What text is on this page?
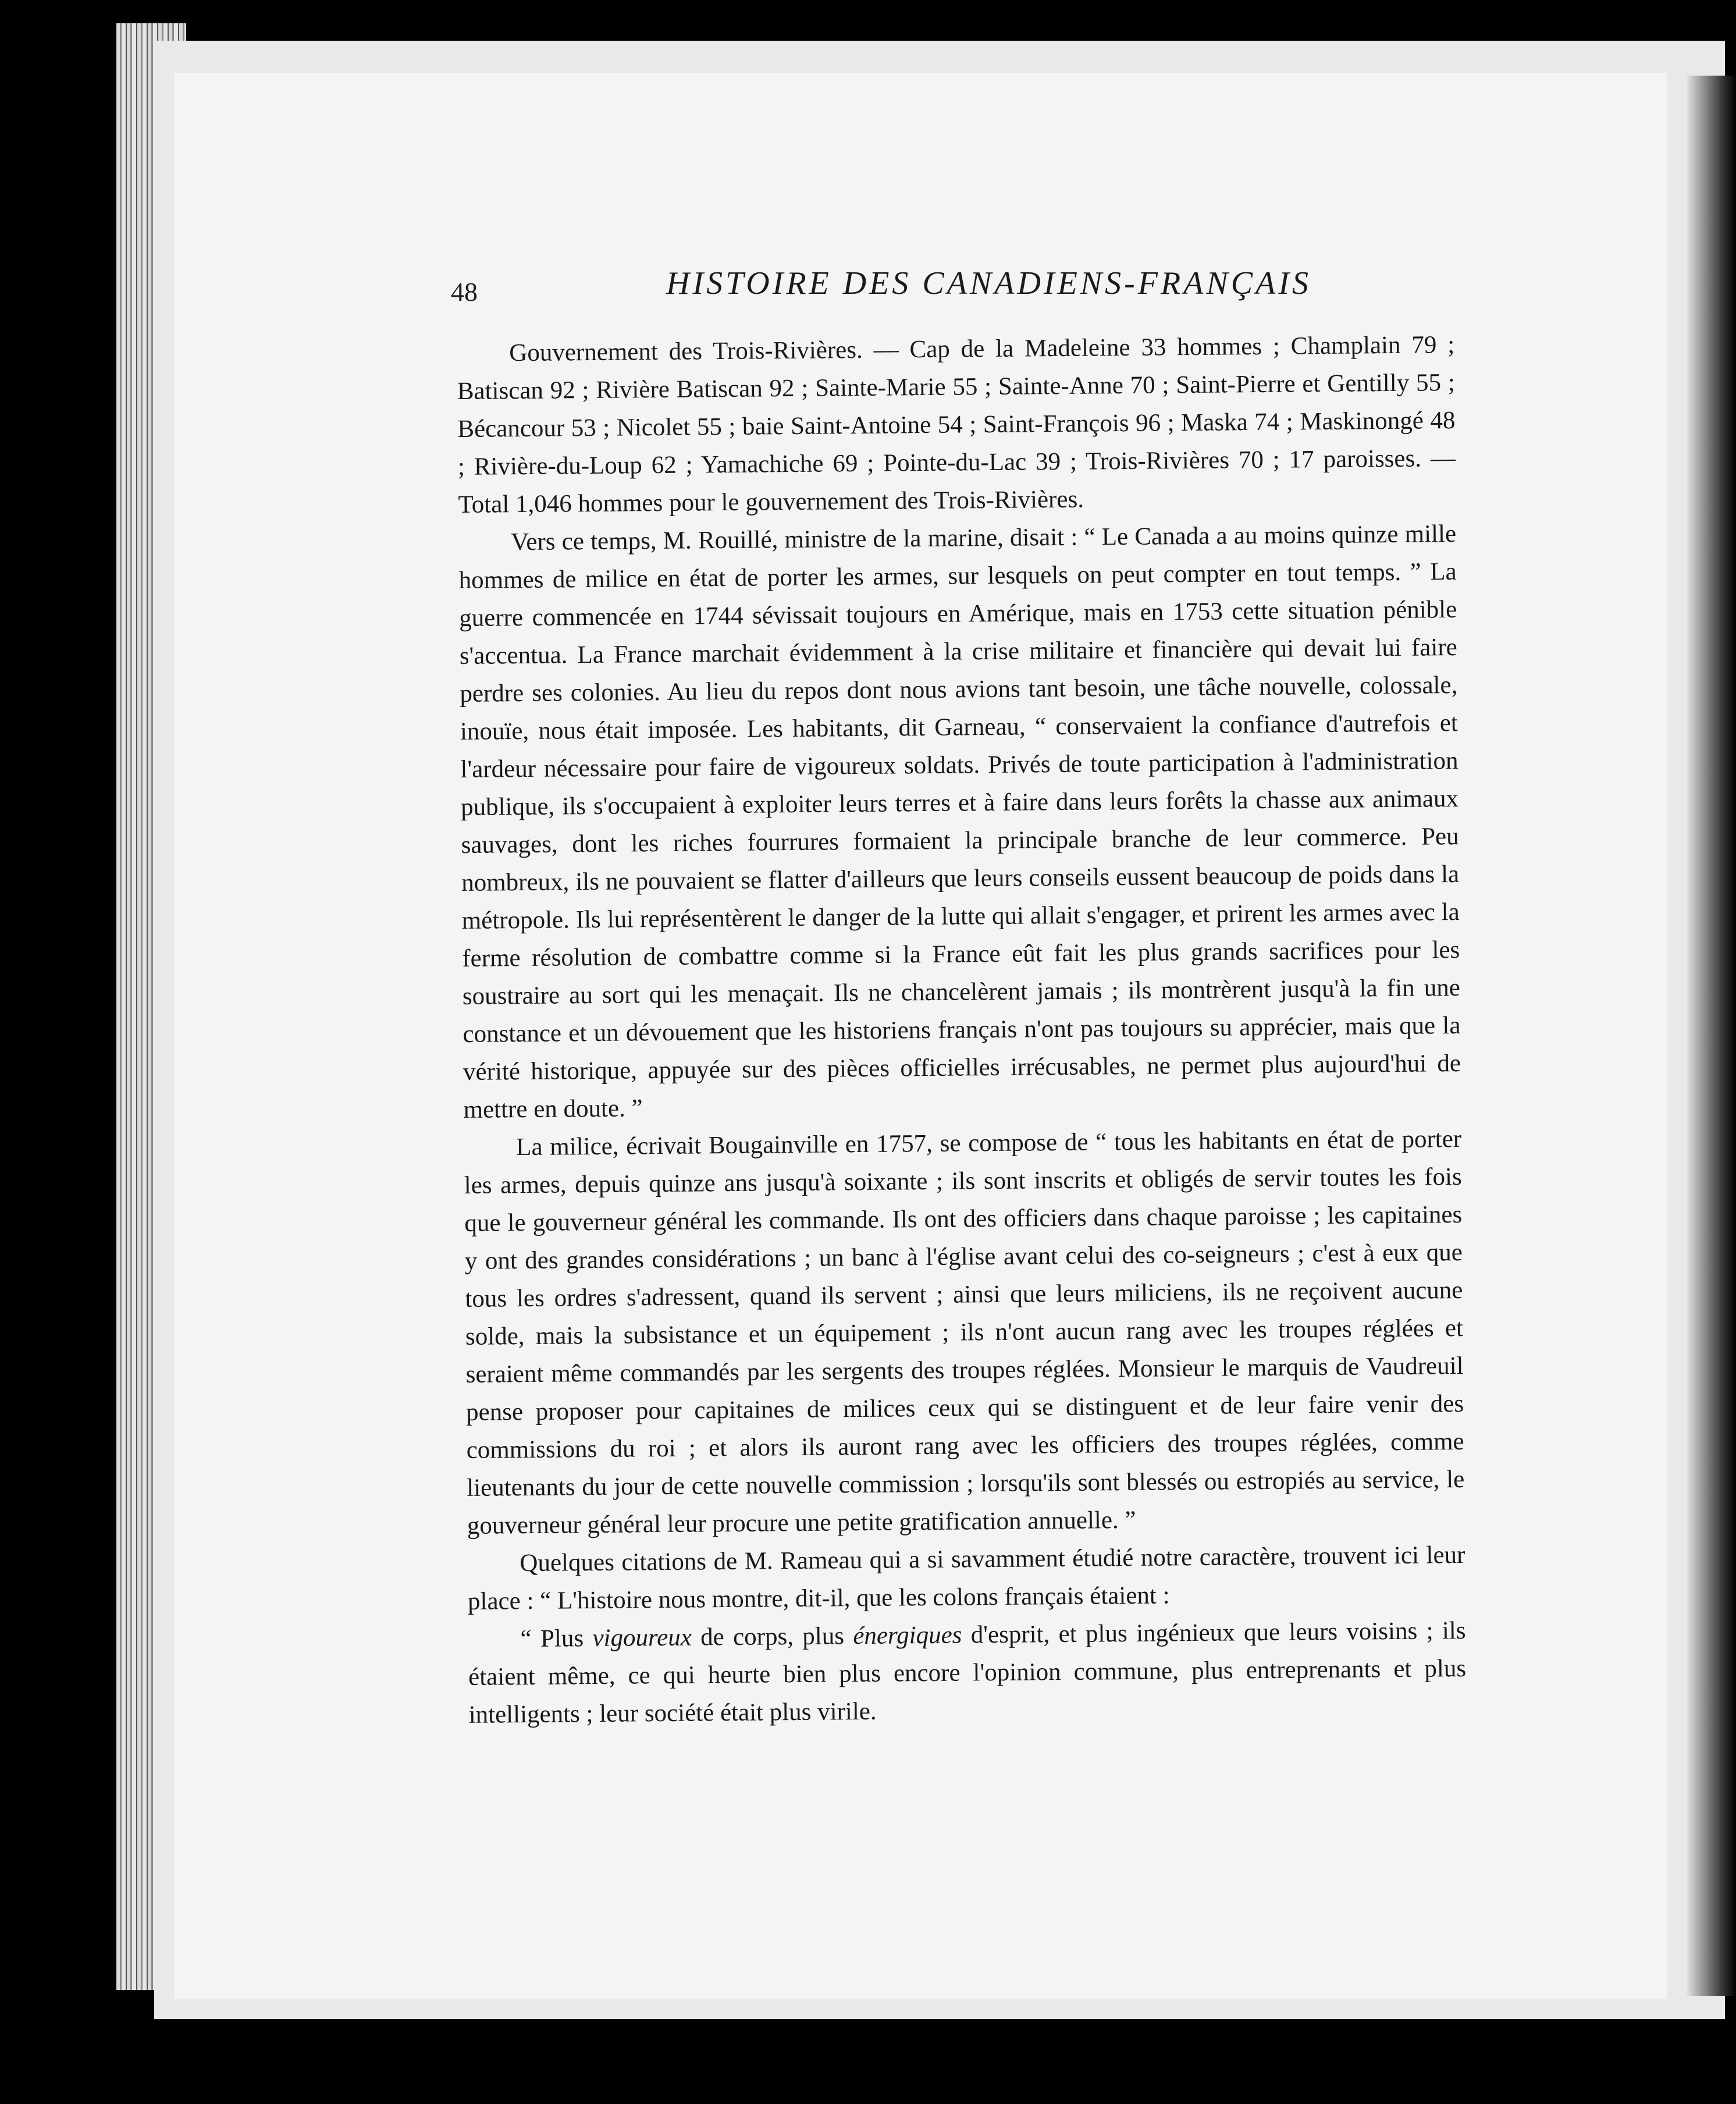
48	HISTOIRE DES CANADIENS-FRANÇAIS

Gouvernement des Trois-Rivières. — Cap de la Madeleine 33 hommes ; Champlain 79 ; Batiscan 92 ; Rivière Batiscan 92 ; Sainte-Marie 55 ; Sainte-Anne 70 ; Saint-Pierre et Gentilly 55 ; Bécancour 53 ; Nicolet 55 ; baie Saint-Antoine 54 ; Saint-François 96 ; Maska 74 ; Maskinongé 48 ; Rivière-du-Loup 62 ; Yamachiche 69 ; Pointe-du-Lac 39 ; Trois-Rivières 70 ; 17 paroisses. — Total 1,046 hommes pour le gouvernement des Trois-Rivières.

Vers ce temps, M. Rouillé, ministre de la marine, disait : “ Le Canada a au moins quinze mille hommes de milice en état de porter les armes, sur lesquels on peut compter en tout temps. ” La guerre commencée en 1744 sévissait toujours en Amérique, mais en 1753 cette situation pénible s'accentua. La France marchait évidemment à la crise militaire et financière qui devait lui faire perdre ses colonies. Au lieu du repos dont nous avions tant besoin, une tâche nouvelle, colossale, inouïe, nous était imposée. Les habitants, dit Garneau, “ conservaient la confiance d'autrefois et l'ardeur nécessaire pour faire de vigoureux soldats. Privés de toute participation à l'administration publique, ils s'occupaient à exploiter leurs terres et à faire dans leurs forêts la chasse aux animaux sauvages, dont les riches fourrures formaient la principale branche de leur commerce. Peu nombreux, ils ne pouvaient se flatter d'ailleurs que leurs conseils eussent beaucoup de poids dans la métropole. Ils lui représentèrent le danger de la lutte qui allait s'engager, et prirent les armes avec la ferme résolution de combattre comme si la France eût fait les plus grands sacrifices pour les soustraire au sort qui les menaçait. Ils ne chancelèrent jamais ; ils montrèrent jusqu'à la fin une constance et un dévouement que les historiens français n'ont pas toujours su apprécier, mais que la vérité historique, appuyée sur des pièces officielles irrécusables, ne permet plus aujourd'hui de mettre en doute. ”

La milice, écrivait Bougainville en 1757, se compose de “ tous les habitants en état de porter les armes, depuis quinze ans jusqu'à soixante ; ils sont inscrits et obligés de servir toutes les fois que le gouverneur général les commande. Ils ont des officiers dans chaque paroisse ; les capitaines y ont des grandes considérations ; un banc à l'église avant celui des co-seigneurs ; c'est à eux que tous les ordres s'adressent, quand ils servent ; ainsi que leurs miliciens, ils ne reçoivent aucune solde, mais la subsistance et un équipement ; ils n'ont aucun rang avec les troupes réglées et seraient même commandés par les sergents des troupes réglées. Monsieur le marquis de Vaudreuil pense proposer pour capitaines de milices ceux qui se distinguent et de leur faire venir des commissions du roi ; et alors ils auront rang avec les officiers des troupes réglées, comme lieutenants du jour de cette nouvelle commission ; lorsqu'ils sont blessés ou estropiés au service, le gouverneur général leur procure une petite gratification annuelle. ”

Quelques citations de M. Rameau qui a si savamment étudié notre caractère, trouvent ici leur place : “ L'histoire nous montre, dit-il, que les colons français étaient :

“ Plus vigoureux de corps, plus énergiques d'esprit, et plus ingénieux que leurs voisins ; ils étaient même, ce qui heurte bien plus encore l'opinion commune, plus entreprenants et plus intelligents ; leur société était plus virile.
